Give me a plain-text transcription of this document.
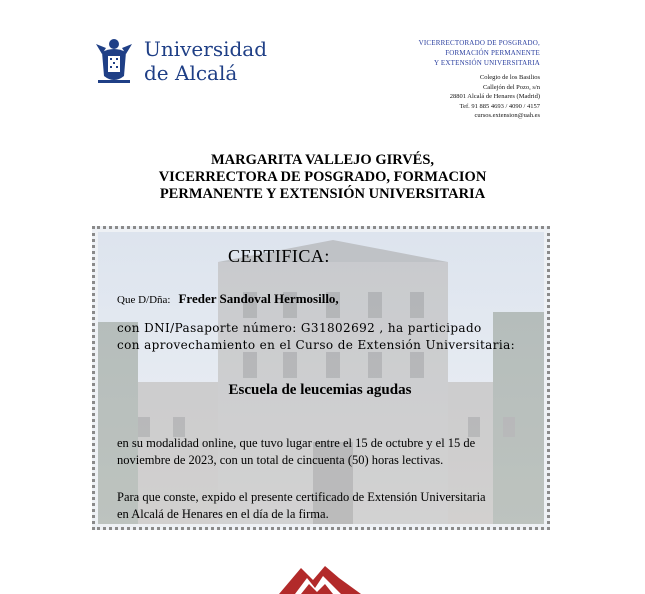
Universidad
de Alcalá
VICERRECTORADO DE POSGRADO,
FORMACIÓN PERMANENTE
Y EXTENSIÓN UNIVERSITARIA
Colegio de los Basilios
Callejón del Pozo, s/n
28801 Alcalá de Henares (Madrid)
Tef. 91 885 4693 / 4090 / 4157
cursos.extension@uah.es
MARGARITA VALLEJO GIRVÉS,
VICERRECTORA DE POSGRADO, FORMACION
PERMANENTE Y EXTENSIÓN UNIVERSITARIA
CERTIFICA:
Que D/Dña: Freder Sandoval Hermosillo,
con DNI/Pasaporte número: G31802692 , ha participado
con aprovechamiento en el Curso de Extensión Universitaria:
Escuela de leucemias agudas
en su modalidad online, que tuvo lugar entre el 15 de octubre y el 15 de
noviembre de 2023, con un total de cincuenta (50) horas lectivas.
Para que conste, expido el presente certificado de Extensión Universitaria
en Alcalá de Henares en el día de la firma.
